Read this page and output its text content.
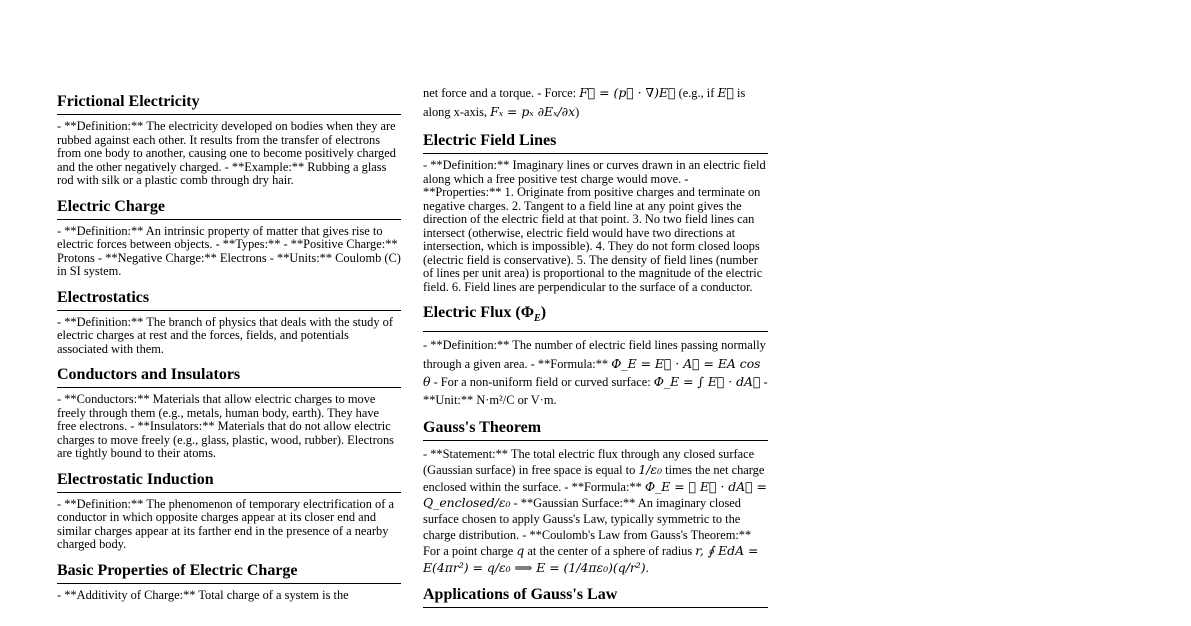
Frictional Electricity
- **Definition:** The electricity developed on bodies when they are rubbed against each other. It results from the transfer of electrons from one body to another, causing one to become positively charged and the other negatively charged. - **Example:** Rubbing a glass rod with silk or a plastic comb through dry hair.
Electric Charge
- **Definition:** An intrinsic property of matter that gives rise to electric forces between objects. - **Types:** - **Positive Charge:** Protons - **Negative Charge:** Electrons - **Units:** Coulomb (C) in SI system.
Electrostatics
- **Definition:** The branch of physics that deals with the study of electric charges at rest and the forces, fields, and potentials associated with them.
Conductors and Insulators
- **Conductors:** Materials that allow electric charges to move freely through them (e.g., metals, human body, earth). They have free electrons. - **Insulators:** Materials that do not allow electric charges to move freely (e.g., glass, plastic, wood, rubber). Electrons are tightly bound to their atoms.
Electrostatic Induction
- **Definition:** The phenomenon of temporary electrification of a conductor in which opposite charges appear at its closer end and similar charges appear at its farther end in the presence of a nearby charged body.
Basic Properties of Electric Charge
- **Additivity of Charge:** Total charge of a system is the
net force and a torque. - Force: F⃗ = (p⃗ · ∇)E⃗ (e.g., if E⃗ is along x-axis, Fₓ = pₓ ∂Eₓ/∂x)
Electric Field Lines
- **Definition:** Imaginary lines or curves drawn in an electric field along which a free positive test charge would move. - **Properties:** 1. Originate from positive charges and terminate on negative charges. 2. Tangent to a field line at any point gives the direction of the electric field at that point. 3. No two field lines can intersect (otherwise, electric field would have two directions at intersection, which is impossible). 4. They do not form closed loops (electric field is conservative). 5. The density of field lines (number of lines per unit area) is proportional to the magnitude of the electric field. 6. Field lines are perpendicular to the surface of a conductor.
Electric Flux $(\Phi_E)$
- **Definition:** The number of electric field lines passing normally through a given area. - **Formula:** Φ_E = E⃗ · A⃗ = EA cos θ - For a non-uniform field or curved surface: Φ_E = ∫ E⃗ · dA⃗ - **Unit:** N·m²/C or V·m.
Gauss's Theorem
- **Statement:** The total electric flux through any closed surface (Gaussian surface) in free space is equal to 1/ε₀ times the net charge enclosed within the surface. - **Formula:** Φ_E = ∮ E⃗ · dA⃗ = Q_enclosed/ε₀ - **Gaussian Surface:** An imaginary closed surface chosen to apply Gauss's Law, typically symmetric to the charge distribution. - **Coulomb's Law from Gauss's Theorem:** For a point charge q at the center of a sphere of radius r, ∮ EdA = E(4πr²) = q/ε₀ ⟹ E = (1/4πε₀)(q/r²).
Applications of Gauss's Law
